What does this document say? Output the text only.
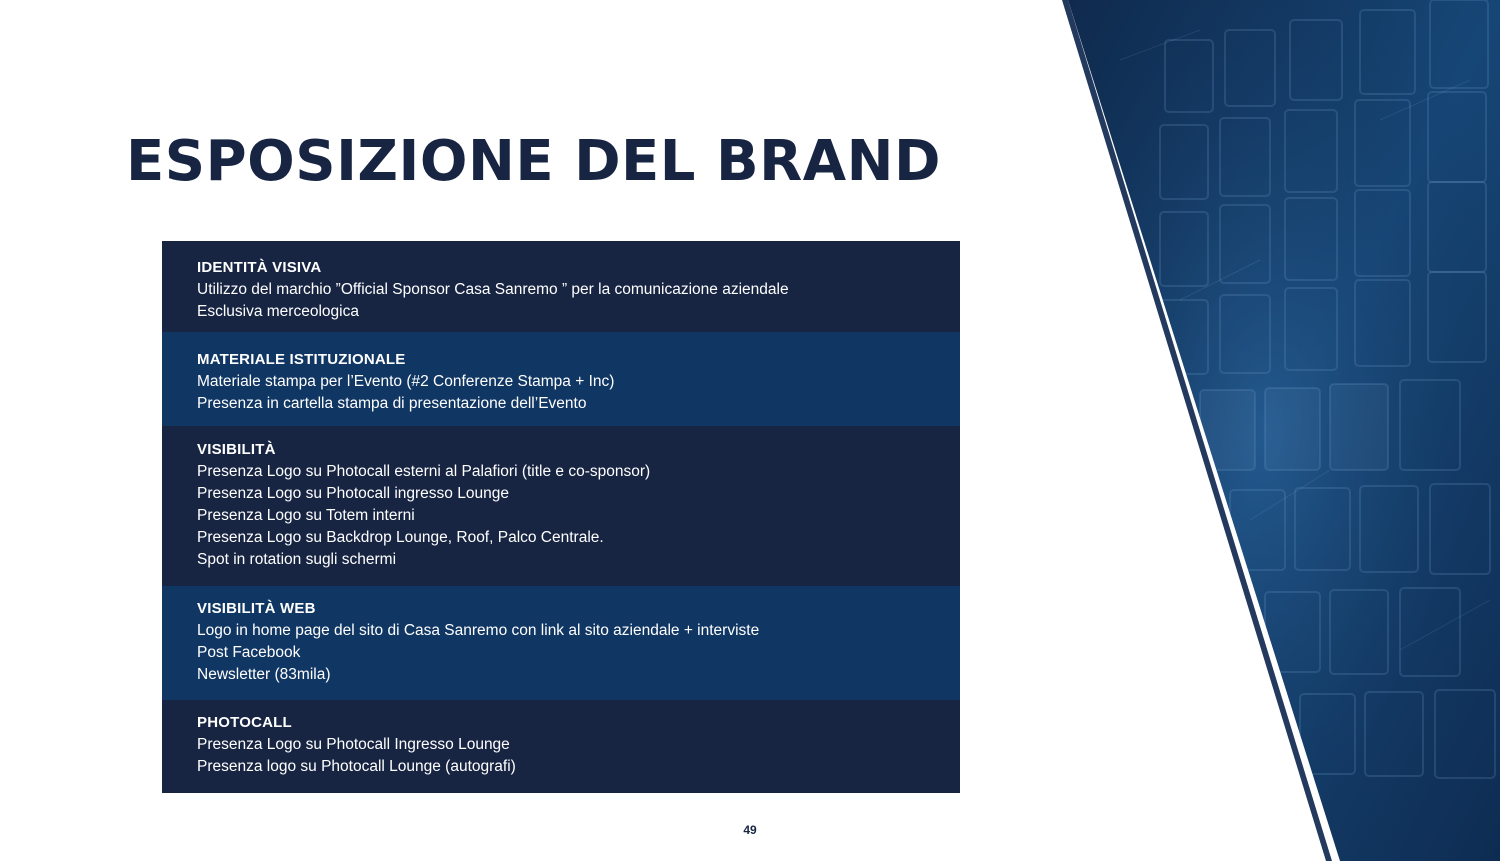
ESPOSIZIONE DEL BRAND
IDENTITÀ VISIVA
Utilizzo del marchio ”Official Sponsor Casa Sanremo ” per la comunicazione aziendale
Esclusiva merceologica
MATERIALE ISTITUZIONALE
Materiale stampa per l’Evento (#2 Conferenze Stampa + Inc)
Presenza in cartella stampa di presentazione dell’Evento
VISIBILITÀ
Presenza Logo su Photocall esterni al Palafiori (title e co-sponsor)
Presenza Logo su Photocall ingresso Lounge
Presenza Logo su Totem interni
Presenza Logo su Backdrop Lounge, Roof, Palco Centrale.
Spot in rotation sugli schermi
VISIBILITÀ WEB
Logo in home page del sito di Casa Sanremo con link al sito aziendale + interviste
Post Facebook
Newsletter (83mila)
PHOTOCALL
Presenza Logo su Photocall Ingresso Lounge
Presenza logo su Photocall Lounge (autografi)
49
